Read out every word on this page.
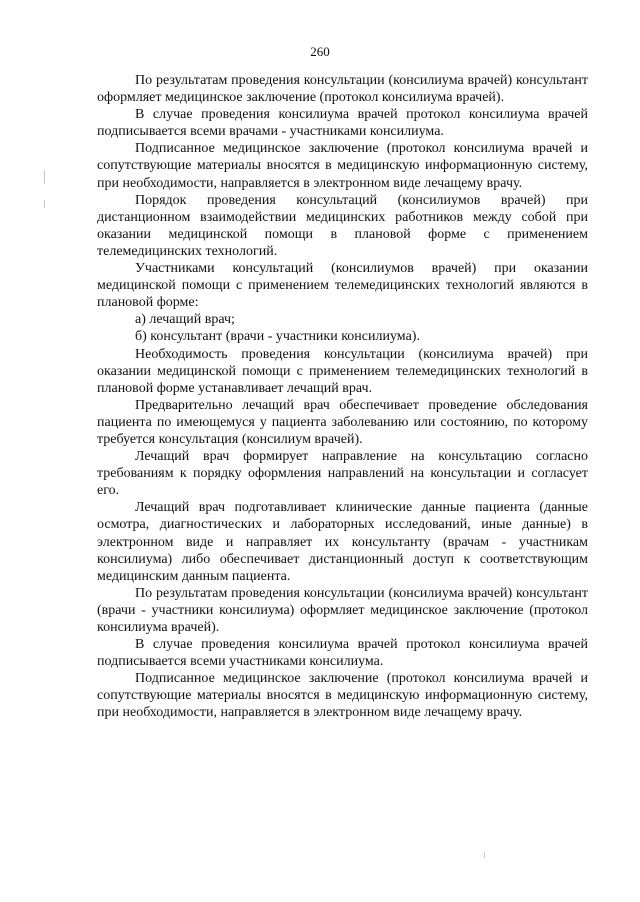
260

По результатам проведения консультации (консилиума врачей) консультант оформляет медицинское заключение (протокол консилиума врачей).

В случае проведения консилиума врачей протокол консилиума врачей подписывается всеми врачами - участниками консилиума.

Подписанное медицинское заключение (протокол консилиума врачей и сопутствующие материалы вносятся в медицинскую информационную систему, при необходимости, направляется в электронном виде лечащему врачу.

Порядок проведения консультаций (консилиумов врачей) при дистанционном взаимодействии медицинских работников между собой при оказании медицинской помощи в плановой форме с применением телемедицинских технологий.

Участниками консультаций (консилиумов врачей) при оказании медицинской помощи с применением телемедицинских технологий являются в плановой форме:

а) лечащий врач;

б) консультант (врачи - участники консилиума).

Необходимость проведения консультации (консилиума врачей) при оказании медицинской помощи с применением телемедицинских технологий в плановой форме устанавливает лечащий врач.

Предварительно лечащий врач обеспечивает проведение обследования пациента по имеющемуся у пациента заболеванию или состоянию, по которому требуется консультация (консилиум врачей).

Лечащий врач формирует направление на консультацию согласно требованиям к порядку оформления направлений на консультации и согласует его.

Лечащий врач подготавливает клинические данные пациента (данные осмотра, диагностических и лабораторных исследований, иные данные) в электронном виде и направляет их консультанту (врачам - участникам консилиума) либо обеспечивает дистанционный доступ к соответствующим медицинским данным пациента.

По результатам проведения консультации (консилиума врачей) консультант (врачи - участники консилиума) оформляет медицинское заключение (протокол консилиума врачей).

В случае проведения консилиума врачей протокол консилиума врачей подписывается всеми участниками консилиума.

Подписанное медицинское заключение (протокол консилиума врачей и сопутствующие материалы вносятся в медицинскую информационную систему, при необходимости, направляется в электронном виде лечащему врачу.
